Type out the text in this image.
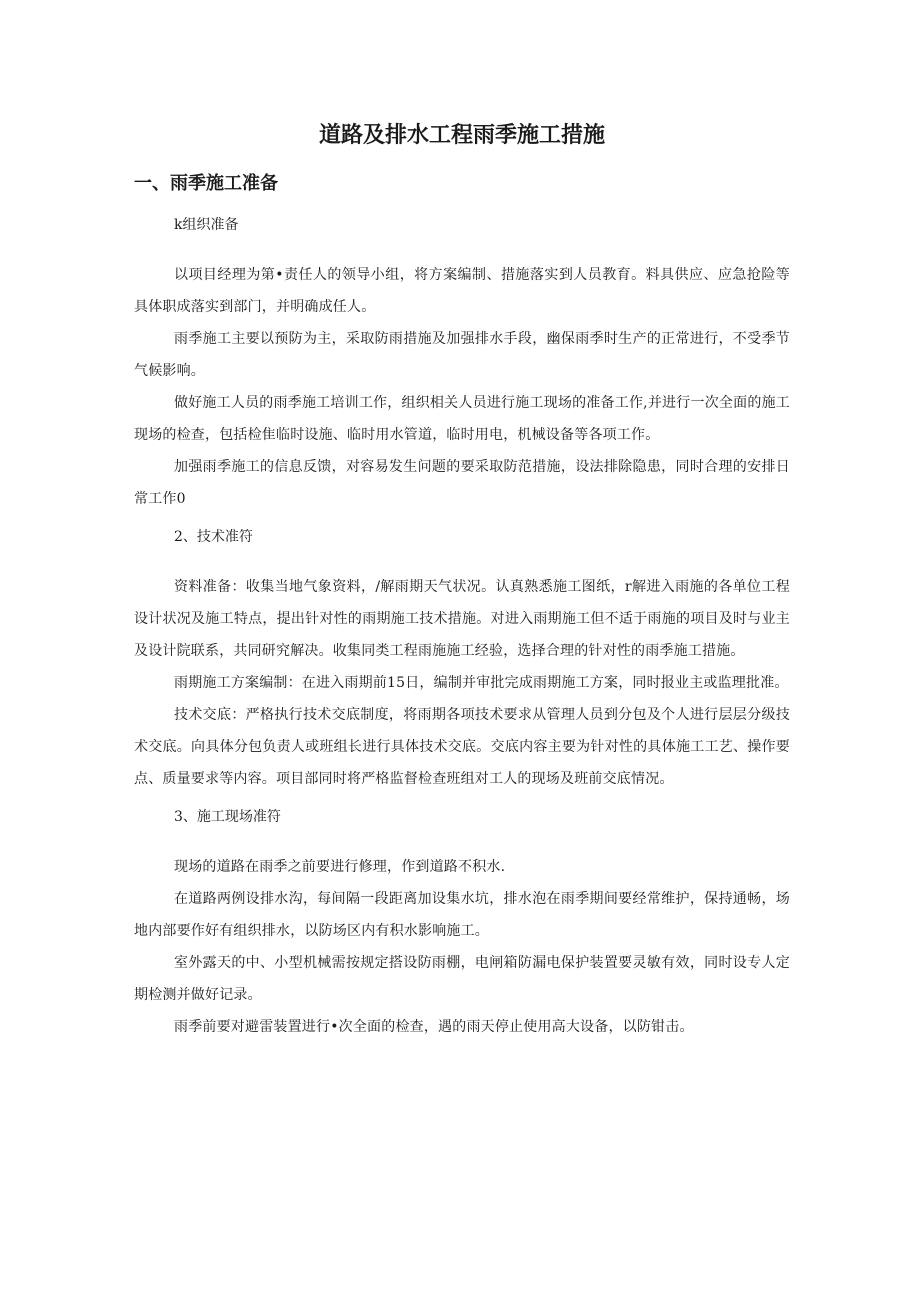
道路及排水工程雨季施工措施
一、雨季施工准备
k组织准备
以项目经理为第•责任人的领导小组，将方案编制、措施落实到人员教育。料具供应、应急抢险等具体职成落实到部门，并明确成任人。
雨季施工主要以预防为主，采取防雨措施及加强排水手段，幽保雨季时生产的正常进行，不受季节气候影响。
做好施工人员的雨季施工培训工作，组织相关人员进行施工现场的准备工作,并进行一次全面的施工现场的检查，包括检隹临时设施、临时用水管道，临时用电，机械设备等各项工作。
加强雨季施工的信息反馈，对容易发生问题的要采取防范措施，设法排除隐患，同时合理的安排日常工作0
2、技术准符
资料准备：收集当地气象资料，/解雨期天气状况。认真熟悉施工图纸，r解进入雨施的各单位工程设计状况及施工特点，提出针对性的雨期施工技术措施。对进入雨期施工但不适于雨施的项目及时与业主及设计院联系，共同研究解决。收集同类工程雨施施工经验，选择合理的针对性的雨季施工措施。
雨期施工方案编制：在进入雨期前15日，编制并审批完成雨期施工方案，同时报业主或监理批准。
技术交底：严格执行技术交底制度，将雨期各项技术要求从管理人员到分包及个人进行层层分级技术交底。向具体分包负责人或班组长进行具体技术交底。交底内容主要为针对性的具体施工工艺、操作要点、质量要求等内容。项目部同时将严格监督检查班组对工人的现场及班前交底情况。
3、施工现场准符
现场的道路在雨季之前要进行修理，作到道路不积水.
在道路两例设排水沟，每间隔一段距离加设集水坑，排水泡在雨季期间要经常维护，保持通畅，场地内部要作好有组织排水，以防场区内有积水影响施工。
室外露天的中、小型机械需按规定搭设防雨棚，电闸箱防漏电保护装置要灵敏有效，同时设专人定期检测并做好记录。
雨季前要对避雷装置进行•次全面的检查，遇的雨天停止使用高大设备，以防钳击。
